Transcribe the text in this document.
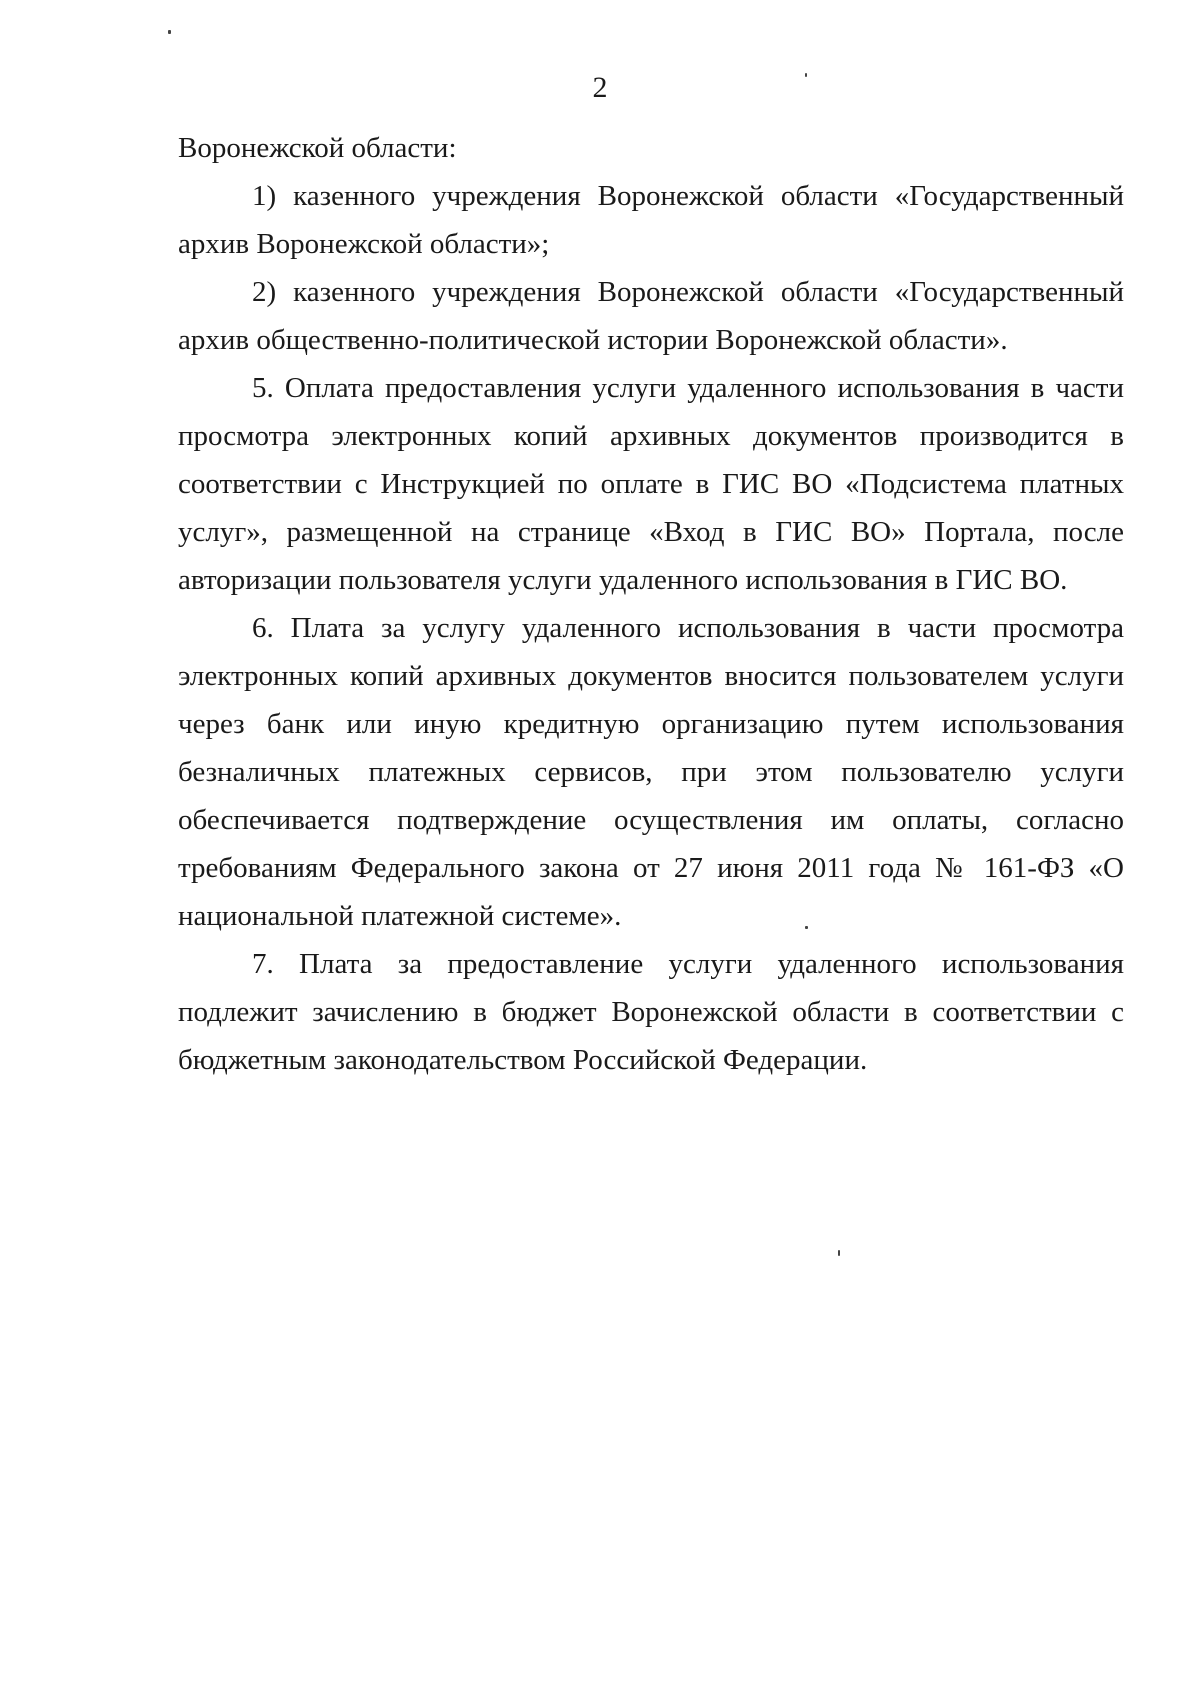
2

Воронежской области:

1) казенного учреждения Воронежской области «Государственный архив Воронежской области»;

2) казенного учреждения Воронежской области «Государственный архив общественно-политической истории Воронежской области».

5. Оплата предоставления услуги удаленного использования в части просмотра электронных копий архивных документов производится в соответствии с Инструкцией по оплате в ГИС ВО «Подсистема платных услуг», размещенной на странице «Вход в ГИС ВО» Портала, после авторизации пользователя услуги удаленного использования в ГИС ВО.

6. Плата за услугу удаленного использования в части просмотра электронных копий архивных документов вносится пользователем услуги через банк или иную кредитную организацию путем использования безналичных платежных сервисов, при этом пользователю услуги обеспечивается подтверждение осуществления им оплаты, согласно требованиям Федерального закона от 27 июня 2011 года № 161-ФЗ «О национальной платежной системе».

7. Плата за предоставление услуги удаленного использования подлежит зачислению в бюджет Воронежской области в соответствии с бюджетным законодательством Российской Федерации.
